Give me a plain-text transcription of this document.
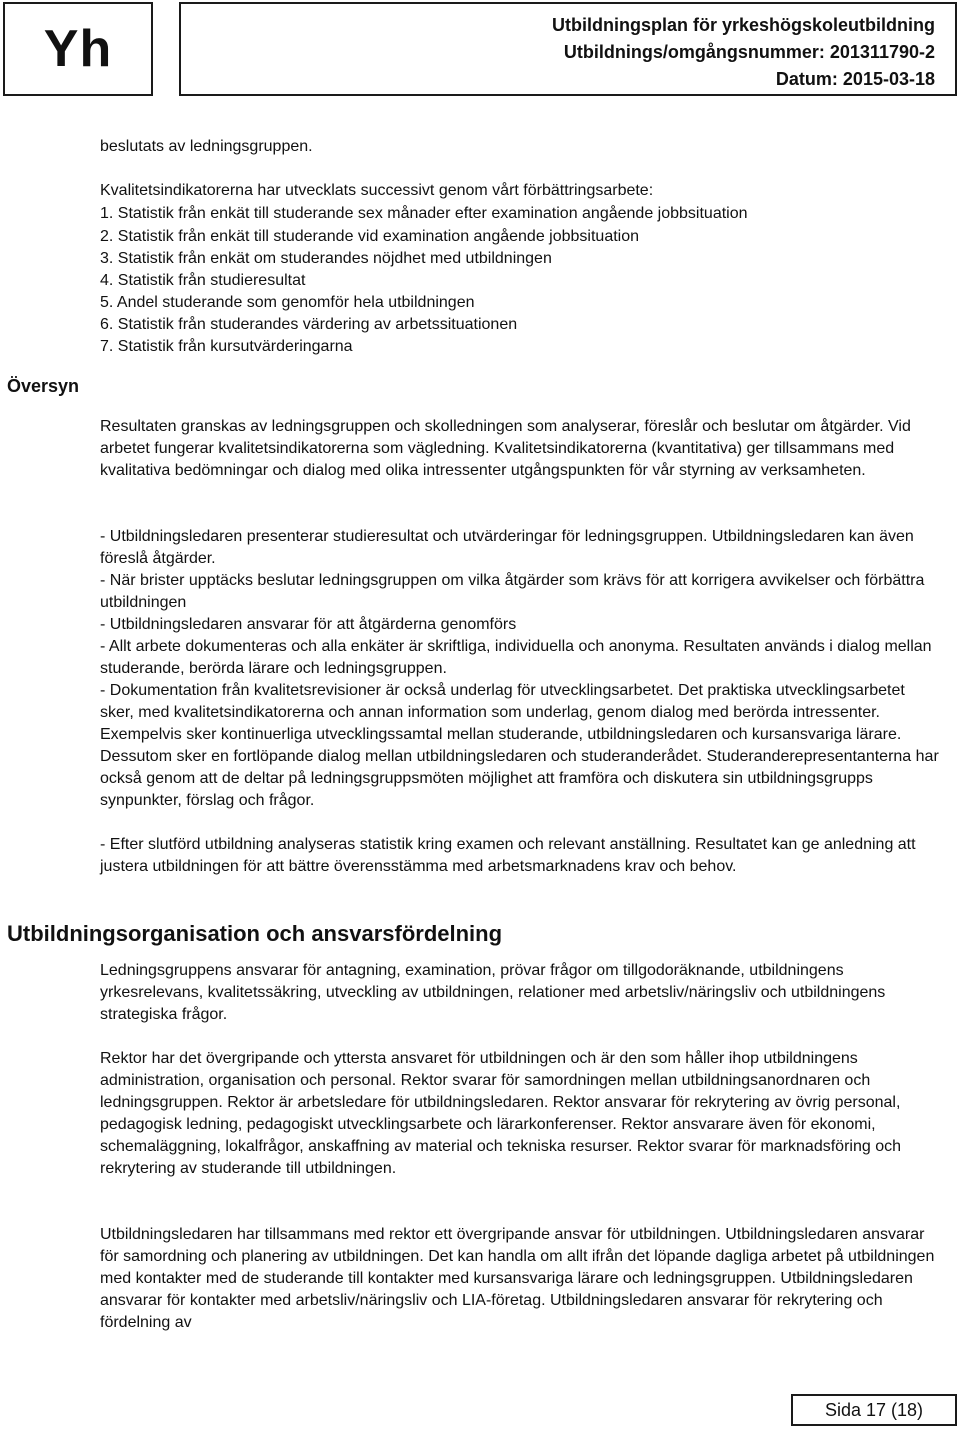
Yh	Utbildningsplan för yrkeshögskoleutbildning
Utbildnings/omgångsnummer: 201311790-2
Datum: 2015-03-18

beslutats av ledningsgruppen.

Kvalitetsindikatorerna har utvecklats successivt genom vårt förbättringsarbete:

1. Statistik från enkät till studerande sex månader efter examination angående jobbsituation

2. Statistik från enkät till studerande vid examination angående jobbsituation

3. Statistik från enkät om studerandes nöjdhet med utbildningen

4. Statistik från studieresultat

5. Andel studerande som genomför hela utbildningen

6. Statistik från studerandes värdering av arbetssituationen

7. Statistik från kursutvärderingarna

Översyn

Resultaten granskas av ledningsgruppen och skolledningen som analyserar, föreslår och beslutar om åtgärder. Vid arbetet fungerar kvalitetsindikatorerna som vägledning. Kvalitetsindikatorerna (kvantitativa) ger tillsammans med kvalitativa bedömningar och dialog med olika intressenter utgångspunkten för vår styrning av verksamheten.

- Utbildningsledaren presenterar studieresultat och utvärderingar för ledningsgruppen. Utbildningsledaren kan även föreslå åtgärder.

- När brister upptäcks beslutar ledningsgruppen om vilka åtgärder som krävs för att korrigera avvikelser och förbättra utbildningen

- Utbildningsledaren ansvarar för att åtgärderna genomförs

- Allt arbete dokumenteras och alla enkäter är skriftliga, individuella och anonyma. Resultaten används i dialog mellan studerande, berörda lärare och ledningsgruppen.

- Dokumentation från kvalitetsrevisioner är också underlag för utvecklingsarbetet. Det praktiska utvecklingsarbetet sker, med kvalitetsindikatorerna och annan information som underlag, genom dialog med berörda intressenter. Exempelvis sker kontinuerliga utvecklingssamtal mellan studerande, utbildningsledaren och kursansvariga lärare. Dessutom sker en fortlöpande dialog mellan utbildningsledaren och studeranderådet. Studeranderepresentanterna har också genom att de deltar på ledningsgruppsmöten möjlighet att framföra och diskutera sin utbildningsgrupps synpunkter, förslag och frågor.

- Efter slutförd utbildning analyseras statistik kring examen och relevant anställning. Resultatet kan ge anledning att justera utbildningen för att bättre överensstämma med arbetsmarknadens krav och behov.

Utbildningsorganisation och ansvarsfördelning

Ledningsgruppens ansvarar för antagning, examination, prövar frågor om tillgodoräknande, utbildningens yrkesrelevans, kvalitetssäkring, utveckling av utbildningen, relationer med arbetsliv/näringsliv och utbildningens strategiska frågor.

Rektor har det övergripande och yttersta ansvaret för utbildningen och är den som håller ihop utbildningens administration, organisation och personal. Rektor svarar för samordningen mellan utbildningsanordnaren och ledningsgruppen. Rektor är arbetsledare för utbildningsledaren. Rektor ansvarar för rekrytering av övrig personal, pedagogisk ledning, pedagogiskt utvecklingsarbete och lärarkonferenser. Rektor ansvarare även för ekonomi, schemaläggning, lokalfrågor, anskaffning av material och tekniska resurser. Rektor svarar för marknadsföring och rekrytering av studerande till utbildningen.

Utbildningsledaren har tillsammans med rektor ett övergripande ansvar för utbildningen. Utbildningsledaren ansvarar för samordning och planering av utbildningen. Det kan handla om allt ifrån det löpande dagliga arbetet på utbildningen med kontakter med de studerande till kontakter med kursansvariga lärare och ledningsgruppen. Utbildningsledaren ansvarar för kontakter med arbetsliv/näringsliv och LIA-företag. Utbildningsledaren ansvarar för rekrytering och fördelning av

Sida 17 (18)
